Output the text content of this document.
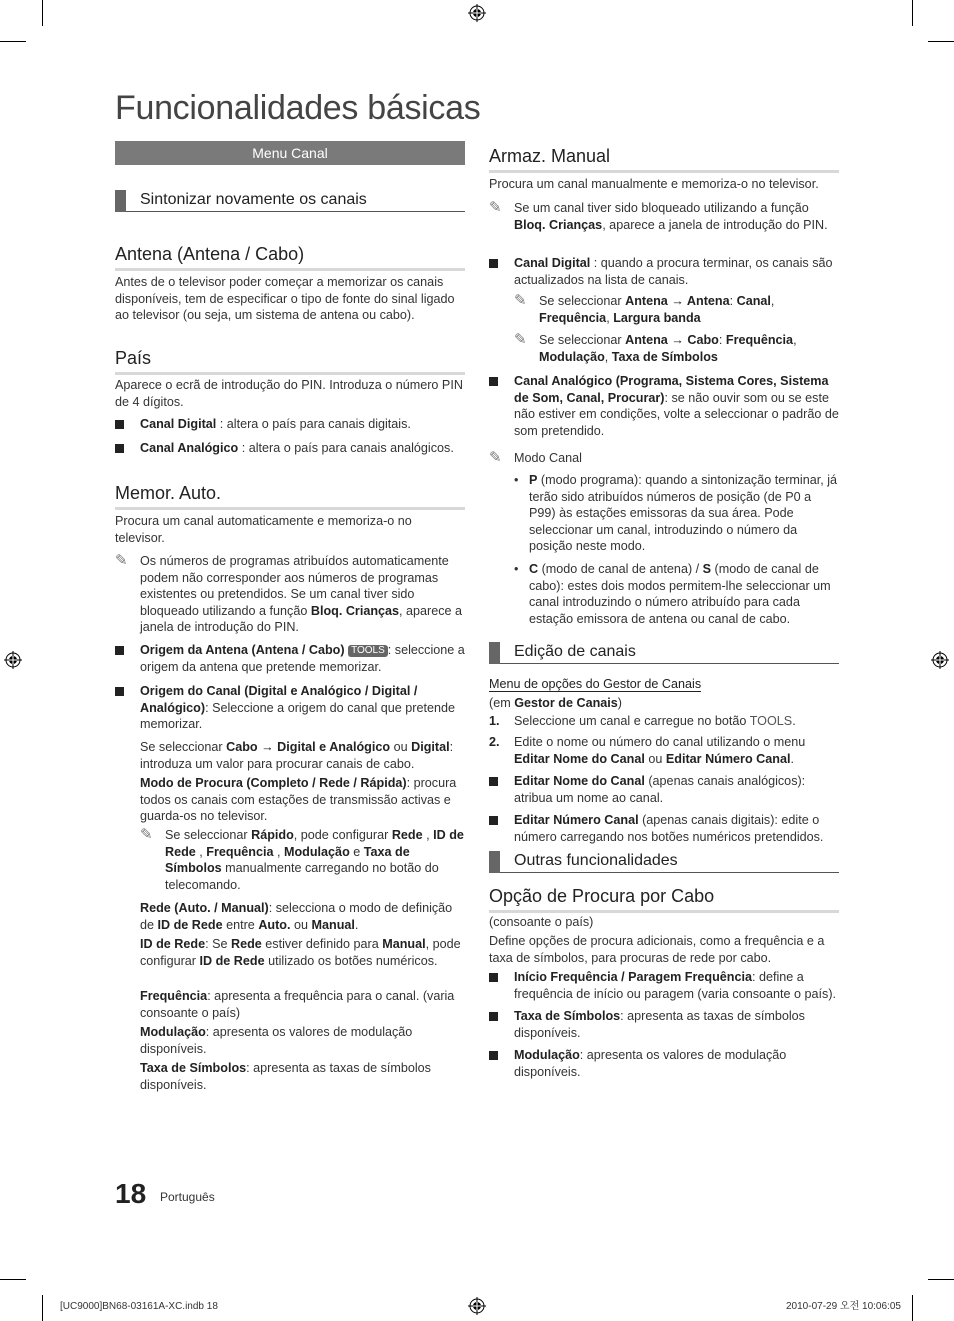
Funcionalidades básicas
Menu Canal
Sintonizar novamente os canais
Antena (Antena / Cabo)
Antes de o televisor poder começar a memorizar os canais disponíveis, tem de especificar o tipo de fonte do sinal ligado ao televisor (ou seja, um sistema de antena ou cabo).
País
Aparece o ecrã de introdução do PIN. Introduza o número PIN de 4 dígitos.
Canal Digital : altera o país para canais digitais.
Canal Analógico : altera o país para canais analógicos.
Memor. Auto.
Procura um canal automaticamente e memoriza-o no televisor.
✎ Os números de programas atribuídos automaticamente podem não corresponder aos números de programas existentes ou pretendidos. Se um canal tiver sido bloqueado utilizando a função Bloq. Crianças, aparece a janela de introdução do PIN.
Origem da Antena (Antena / Cabo) TOOLS : seleccione a origem da antena que pretende memorizar.
Origem do Canal (Digital e Analógico / Digital / Analógico): Seleccione a origem do canal que pretende memorizar.
Se seleccionar Cabo → Digital e Analógico ou Digital: introduza um valor para procurar canais de cabo.
Modo de Procura (Completo / Rede / Rápida): procura todos os canais com estações de transmissão activas e guarda-os no televisor.
✎ Se seleccionar Rápido, pode configurar Rede , ID de Rede , Frequência , Modulação e Taxa de Símbolos manualmente carregando no botão do telecomando.
Rede (Auto. / Manual): selecciona o modo de definição de ID de Rede entre Auto. ou Manual.
ID de Rede: Se Rede estiver definido para Manual, pode configurar ID de Rede utilizado os botões numéricos.
Frequência: apresenta a frequência para o canal. (varia consoante o país)
Modulação: apresenta os valores de modulação disponíveis.
Taxa de Símbolos: apresenta as taxas de símbolos disponíveis.
Armaz. Manual
Procura um canal manualmente e memoriza-o no televisor.
✎ Se um canal tiver sido bloqueado utilizando a função Bloq. Crianças, aparece a janela de introdução do PIN.
Canal Digital : quando a procura terminar, os canais são actualizados na lista de canais.
✎ Se seleccionar Antena → Antena: Canal, Frequência, Largura banda
✎ Se seleccionar Antena → Cabo: Frequência, Modulação, Taxa de Símbolos
Canal Analógico (Programa, Sistema Cores, Sistema de Som, Canal, Procurar): se não ouvir som ou se este não estiver em condições, volte a seleccionar o padrão de som pretendido.
✎ Modo Canal
• P (modo programa): quando a sintonização terminar, já terão sido atribuídos números de posição (de P0 a P99) às estações emissoras da sua área. Pode seleccionar um canal, introduzindo o número da posição neste modo.
• C (modo de canal de antena) / S (modo de canal de cabo): estes dois modos permitem-lhe seleccionar um canal introduzindo o número atribuído para cada estação emissora de antena ou canal de cabo.
Edição de canais
Menu de opções do Gestor de Canais
(em Gestor de Canais)
1. Seleccione um canal e carregue no botão TOOLS.
2. Edite o nome ou número do canal utilizando o menu Editar Nome do Canal ou Editar Número Canal.
Editar Nome do Canal (apenas canais analógicos): atribua um nome ao canal.
Editar Número Canal (apenas canais digitais): edite o número carregando nos botões numéricos pretendidos.
Outras funcionalidades
Opção de Procura por Cabo
(consoante o país)
Define opções de procura adicionais, como a frequência e a taxa de símbolos, para procuras de rede por cabo.
Início Frequência / Paragem Frequência: define a frequência de início ou paragem (varia consoante o país).
Taxa de Símbolos: apresenta as taxas de símbolos disponíveis.
Modulação: apresenta os valores de modulação disponíveis.
18 Português
[UC9000]BN68-03161A-XC.indb 18	2010-07-29 오전 10:06:05
